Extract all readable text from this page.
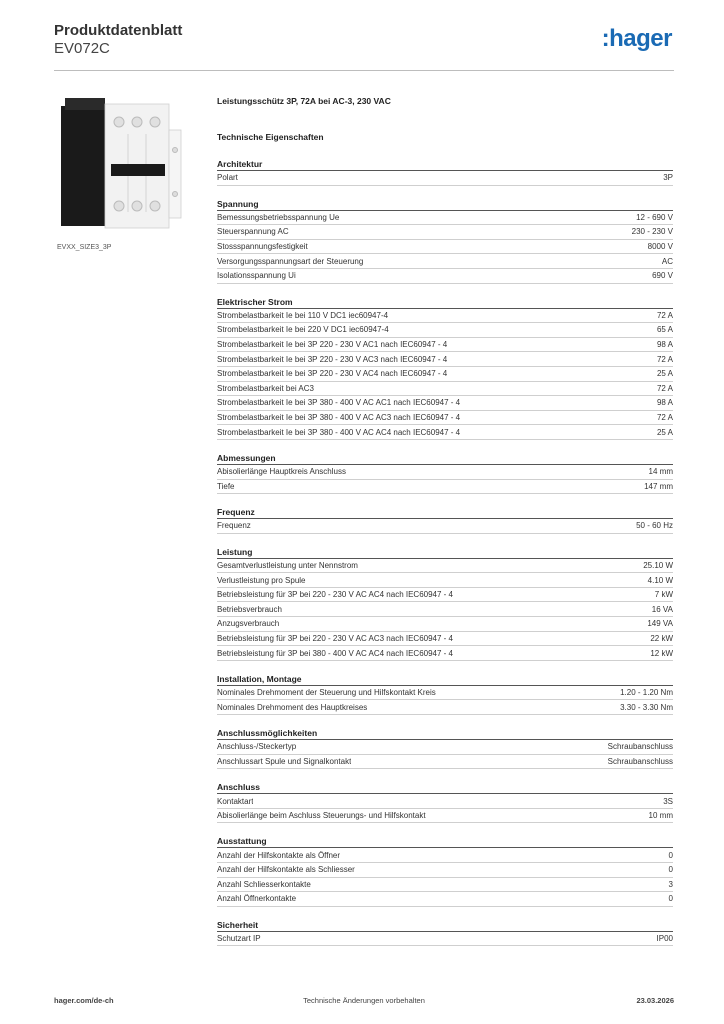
Produktdatenblatt
EV072C	:hager
EVXX_SIZE3_3P
Leistungsschütz 3P, 72A bei AC-3, 230 VAC
Technische Eigenschaften
Architektur
Polart	3P
Spannung
Bemessungsbetriebsspannung Ue	12 - 690 V
Steuerspannung AC	230 - 230 V
Stossspannungsfestigkeit	8000 V
Versorgungsspannungsart der Steuerung	AC
Isolationsspannung Ui	690 V
Elektrischer Strom
Strombelastbarkeit Ie bei 110 V DC1 iec60947-4	72 A
Strombelastbarkeit Ie bei 220 V DC1 iec60947-4	65 A
Strombelastbarkeit Ie bei 3P 220 - 230 V AC1 nach IEC60947 - 4	98 A
Strombelastbarkeit Ie bei 3P 220 - 230 V AC3 nach IEC60947 - 4	72 A
Strombelastbarkeit Ie bei 3P 220 - 230 V AC4 nach IEC60947 - 4	25 A
Strombelastbarkeit bei AC3	72 A
Strombelastbarkeit Ie bei 3P 380 - 400 V AC AC1 nach IEC60947 - 4	98 A
Strombelastbarkeit Ie bei 3P 380 - 400 V AC AC3 nach IEC60947 - 4	72 A
Strombelastbarkeit Ie bei 3P 380 - 400 V AC AC4 nach IEC60947 - 4	25 A
Abmessungen
Abisolierlänge Hauptkreis Anschluss	14 mm
Tiefe	147 mm
Frequenz
Frequenz	50 - 60 Hz
Leistung
Gesamtverlustleistung unter Nennstrom	25.10 W
Verlustleistung pro Spule	4.10 W
Betriebsleistung für 3P bei 220 - 230 V AC AC4 nach IEC60947 - 4	7 kW
Betriebsverbrauch	16 VA
Anzugsverbrauch	149 VA
Betriebsleistung für 3P bei 220 - 230 V AC AC3 nach IEC60947 - 4	22 kW
Betriebsleistung für 3P bei 380 - 400 V AC AC4 nach IEC60947 - 4	12 kW
Installation, Montage
Nominales Drehmoment der Steuerung und Hilfskontakt Kreis	1.20 - 1.20 Nm
Nominales Drehmoment des Hauptkreises	3.30 - 3.30 Nm
Anschlussmöglichkeiten
Anschluss-/Steckertyp	Schraubanschluss
Anschlussart Spule und Signalkontakt	Schraubanschluss
Anschluss
Kontaktart	3S
Abisolierlänge beim Aschluss Steuerungs- und Hilfskontakt	10 mm
Ausstattung
Anzahl der Hilfskontakte als Öffner	0
Anzahl der Hilfskontakte als Schliesser	0
Anzahl Schliesserkontakte	3
Anzahl Öffnerkontakte	0
Sicherheit
Schutzart IP	IP00
hager.com/de-ch	Technische Änderungen vorbehalten	23.03.2026
